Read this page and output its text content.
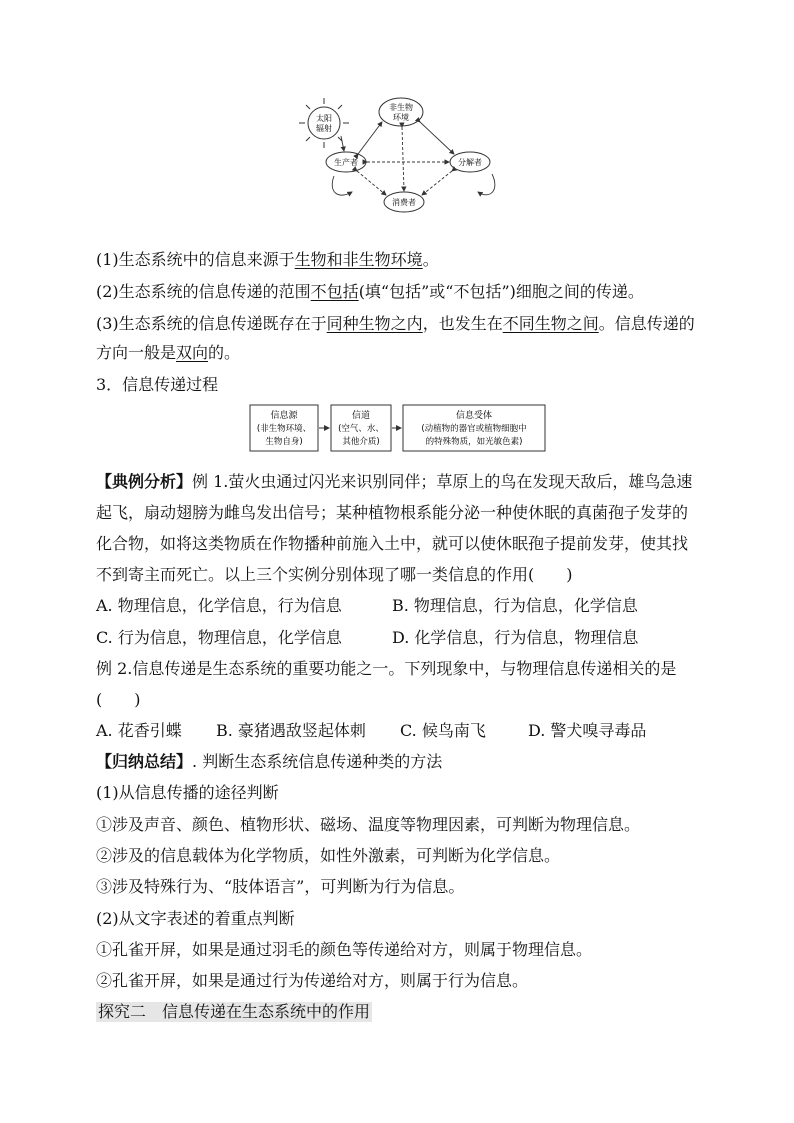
太阳
辐射
非生物
环境
生产者	分解者
消费者
(1)生态系统中的信息来源于生物和非生物环境。
(2)生态系统的信息传递的范围不包括(填“包括”或“不包括”)细胞之间的传递。
(3)生态系统的信息传递既存在于同种生物之内，也发生在不同生物之间。信息传递的
方向一般是双向的。
3．信息传递过程
信息源
(非生物环境、
生物自身)
信道
(空气、水、
其他介质)
信息受体
(动植物的器官或植物细胞中
的特殊物质，如光敏色素)
【典例分析】例 1.萤火虫通过闪光来识别同伴；草原上的鸟在发现天敌后，雄鸟急速
起飞，扇动翅膀为雌鸟发出信号；某种植物根系能分泌一种使休眠的真菌孢子发芽的
化合物，如将这类物质在作物播种前施入土中，就可以使休眠孢子提前发芽，使其找
不到寄主而死亡。以上三个实例分别体现了哪一类信息的作用(　　)
A. 物理信息，化学信息，行为信息	B. 物理信息，行为信息，化学信息
C. 行为信息，物理信息，化学信息	D. 化学信息，行为信息，物理信息
例 2.信息传递是生态系统的重要功能之一。下列现象中，与物理信息传递相关的是
(　　)
A. 花香引蝶 B. 豪猪遇敌竖起体刺 C. 候鸟南飞	D. 警犬嗅寻毒品
【归纳总结】. 判断生态系统信息传递种类的方法
(1)从信息传播的途径判断
①涉及声音、颜色、植物形状、磁场、温度等物理因素，可判断为物理信息。
②涉及的信息载体为化学物质，如性外激素，可判断为化学信息。
③涉及特殊行为、“肢体语言”，可判断为行为信息。
(2)从文字表述的着重点判断
①孔雀开屏，如果是通过羽毛的颜色等传递给对方，则属于物理信息。
②孔雀开屏，如果是通过行为传递给对方，则属于行为信息。
探究二　信息传递在生态系统中的作用
